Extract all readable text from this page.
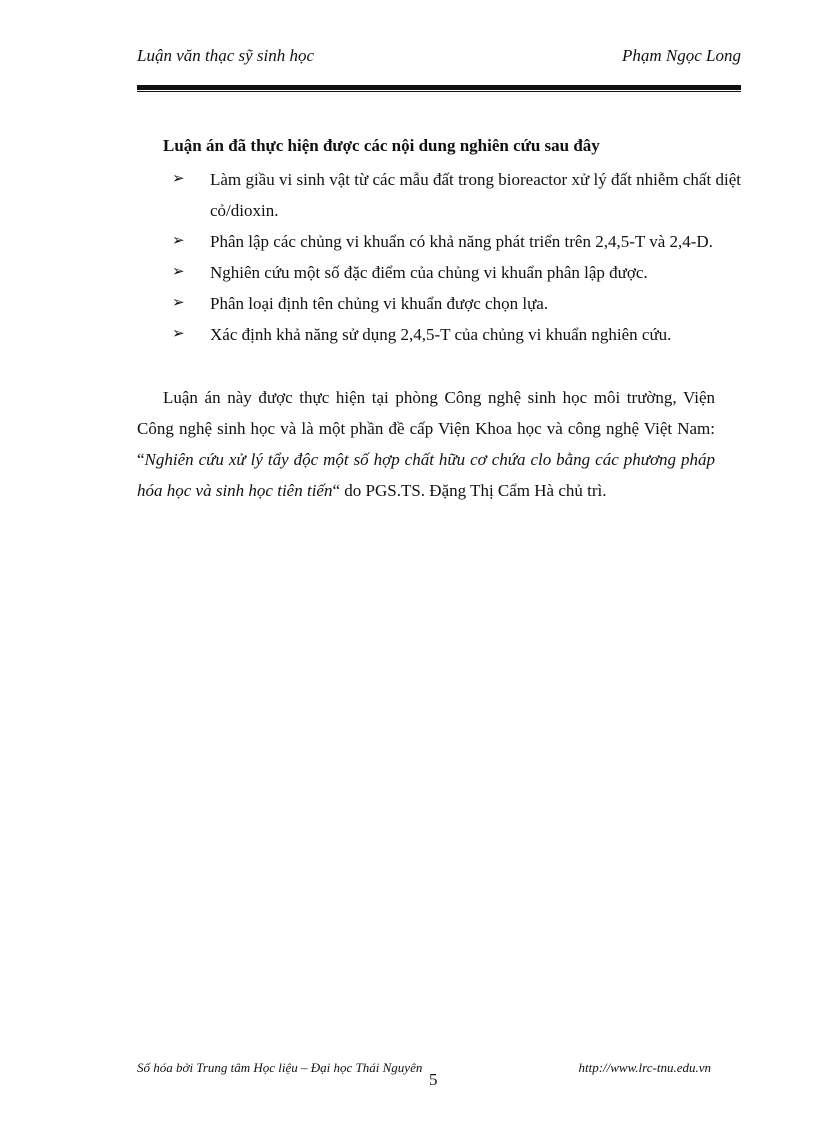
Luận văn thạc sỹ sinh học	Phạm Ngọc Long

Luận án đã thực hiện được các nội dung nghiên cứu sau đây

➢ Làm giầu vi sinh vật từ các mẫu đất trong bioreactor xử lý đất nhiễm chất diệt cỏ/dioxin.
➢ Phân lập các chủng vi khuẩn có khả năng phát triển trên 2,4,5-T và 2,4-D.
➢ Nghiên cứu một số đặc điểm của chủng vi khuẩn phân lập được.
➢ Phân loại định tên chủng vi khuẩn được chọn lựa.
➢ Xác định khả năng sử dụng 2,4,5-T của chủng vi khuẩn nghiên cứu.

Luận án này được thực hiện tại phòng Công nghệ sinh học môi trường, Viện Công nghệ sinh học và là một phần đề cấp Viện Khoa học và công nghệ Việt Nam: “Nghiên cứu xử lý tẩy độc một số hợp chất hữu cơ chứa clo bằng các phương pháp hóa học và sinh học tiên tiến“ do PGS.TS. Đặng Thị Cẩm Hà chủ trì.

Số hóa bởi Trung tâm Học liệu – Đại học Thái Nguyên	http://www.lrc-tnu.edu.vn
5
